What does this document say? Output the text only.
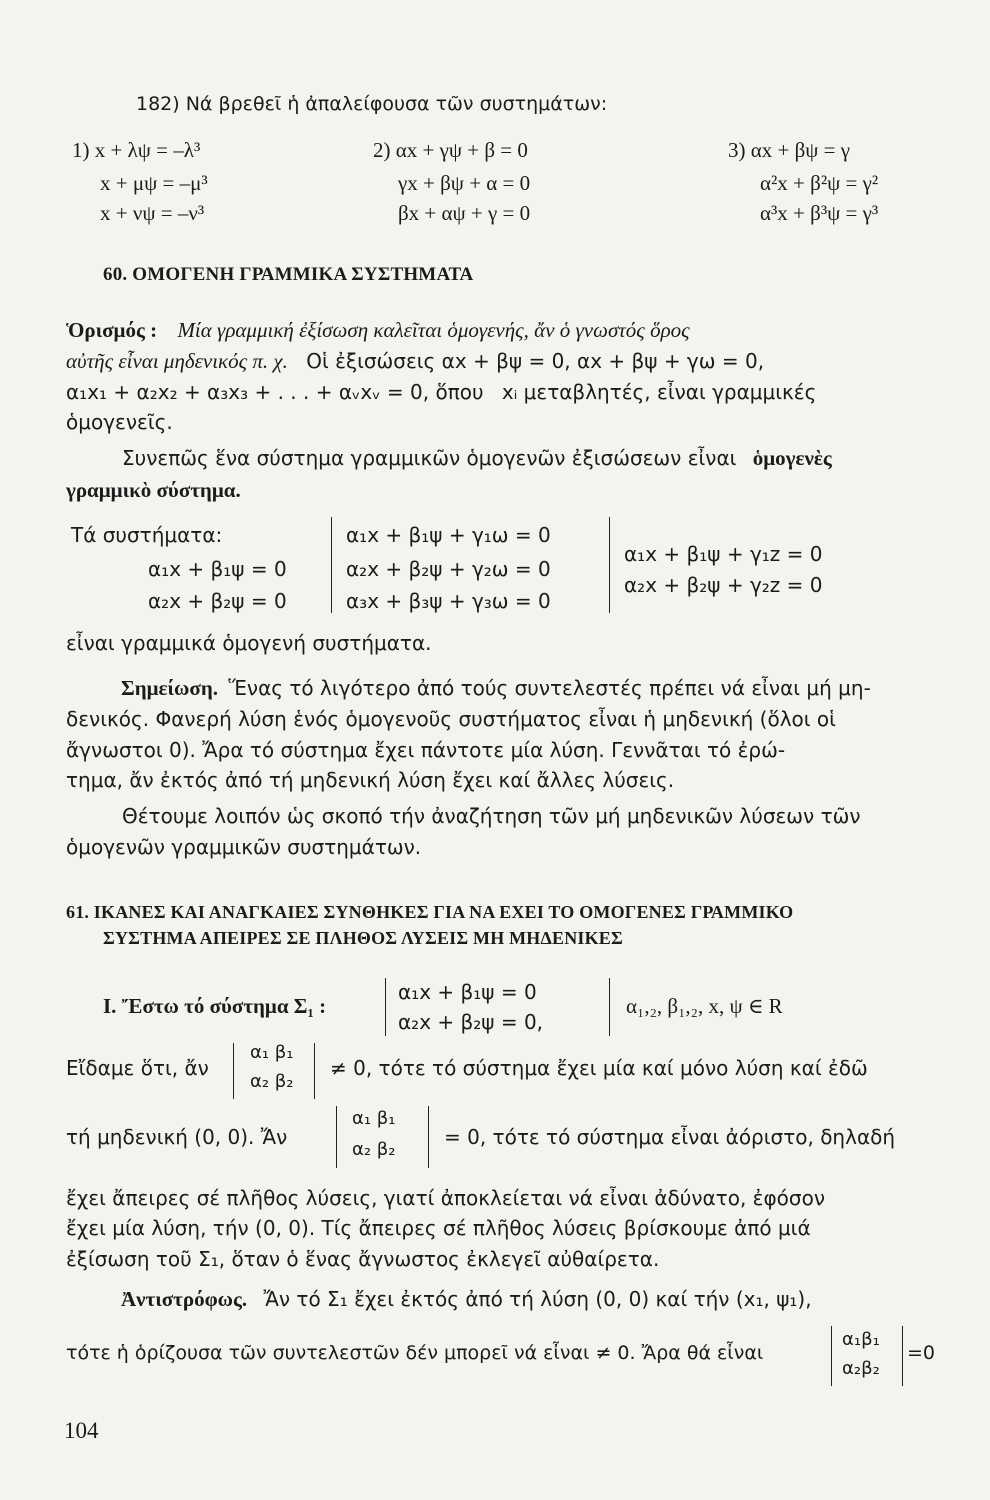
182) Νά βρεθεῖ ἡ ἀπαλείφουσα τῶν συστημάτων:
1) x + λψ = –λ³
x + μψ = –μ³
x + νψ = –ν³
2) αx + γψ + β = 0
γx + βψ + α = 0
βx + αψ + γ = 0
3) αx + βψ = γ
α²x + β²ψ = γ²
α³x + β³ψ = γ³
60. ΟΜΟΓΕΝΗ ΓΡΑΜΜΙΚΑ ΣΥΣΤΗΜΑΤΑ
Ὁρισμός : Μία γραμμική ἐξίσωση καλεῖται ὁμογενής, ἄν ὁ γνωστός ὅρος
αὐτῆς εἶναι μηδενικός π. χ. Οἱ ἐξισώσεις αx + βψ = 0, αx + βψ + γω = 0,
α₁x₁ + α₂x₂ + α₃x₃ + . . . + αᵥxᵥ = 0, ὅπου xᵢ μεταβλητές, εἶναι γραμμικές
ὁμογενεῖς.
Συνεπῶς ἕνα σύστημα γραμμικῶν ὁμογενῶν ἐξισώσεων εἶναι ὁμογενὲς
γραμμικὸ σύστημα.
Τά συστήματα:
α₁x + β₁ψ = 0
α₂x + β₂ψ = 0
α₁x + β₁ψ + γ₁ω = 0
α₂x + β₂ψ + γ₂ω = 0
α₃x + β₃ψ + γ₃ω = 0
α₁x + β₁ψ + γ₁z = 0
α₂x + β₂ψ + γ₂z = 0
εἶναι γραμμικά ὁμογενή συστήματα.
Σημείωση. Ἕνας τό λιγότερο ἀπό τούς συντελεστές πρέπει νά εἶναι μή μη-
δενικός. Φανερή λύση ἑνός ὁμογενοῦς συστήματος εἶναι ἡ μηδενική (ὅλοι οἱ
ἄγνωστοι 0). Ἄρα τό σύστημα ἔχει πάντοτε μία λύση. Γεννᾶται τό ἐρώ-
τημα, ἄν ἐκτός ἀπό τή μηδενική λύση ἔχει καί ἄλλες λύσεις.
Θέτουμε λοιπόν ὡς σκοπό τήν ἀναζήτηση τῶν μή μηδενικῶν λύσεων τῶν
ὁμογενῶν γραμμικῶν συστημάτων.
61. ΙΚΑΝΕΣ ΚΑΙ ΑΝΑΓΚΑΙΕΣ ΣΥΝΘΗΚΕΣ ΓΙΑ ΝΑ ΕΧΕΙ ΤΟ ΟΜΟΓΕΝΕΣ ΓΡΑΜΜΙΚΟ
ΣΥΣΤΗΜΑ ΑΠΕΙΡΕΣ ΣΕ ΠΛΗΘΟΣ ΛΥΣΕΙΣ ΜΗ ΜΗΔΕΝΙΚΕΣ
I. Ἔστω τό σύστημα Σ₁ :
α₁x + β₁ψ = 0
α₂x + β₂ψ = 0,
α₁,₂, β₁,₂, x, ψ ∈ R
Εἴδαμε ὅτι, ἄν
α₁ β₁
α₂ β₂
≠ 0, τότε τό σύστημα ἔχει μία καί μόνο λύση καί ἐδῶ
τή μηδενική (0, 0). Ἄν
α₁ β₁
α₂ β₂
= 0, τότε τό σύστημα εἶναι ἀόριστο, δηλαδή
ἔχει ἄπειρες σέ πλῆθος λύσεις, γιατί ἀποκλείεται νά εἶναι ἀδύνατο, ἐφόσον
ἔχει μία λύση, τήν (0, 0). Τίς ἄπειρες σέ πλῆθος λύσεις βρίσκουμε ἀπό μιά
ἐξίσωση τοῦ Σ₁, ὅταν ὁ ἕνας ἄγνωστος ἐκλεγεῖ αὐθαίρετα.
Ἀντιστρόφως. Ἄν τό Σ₁ ἔχει ἐκτός ἀπό τή λύση (0, 0) καί τήν (x₁, ψ₁),
τότε ἡ ὁρίζουσα τῶν συντελεστῶν δέν μπορεῖ νά εἶναι ≠ 0. Ἄρα θά εἶναι
α₁β₁
α₂β₂
=0
104
